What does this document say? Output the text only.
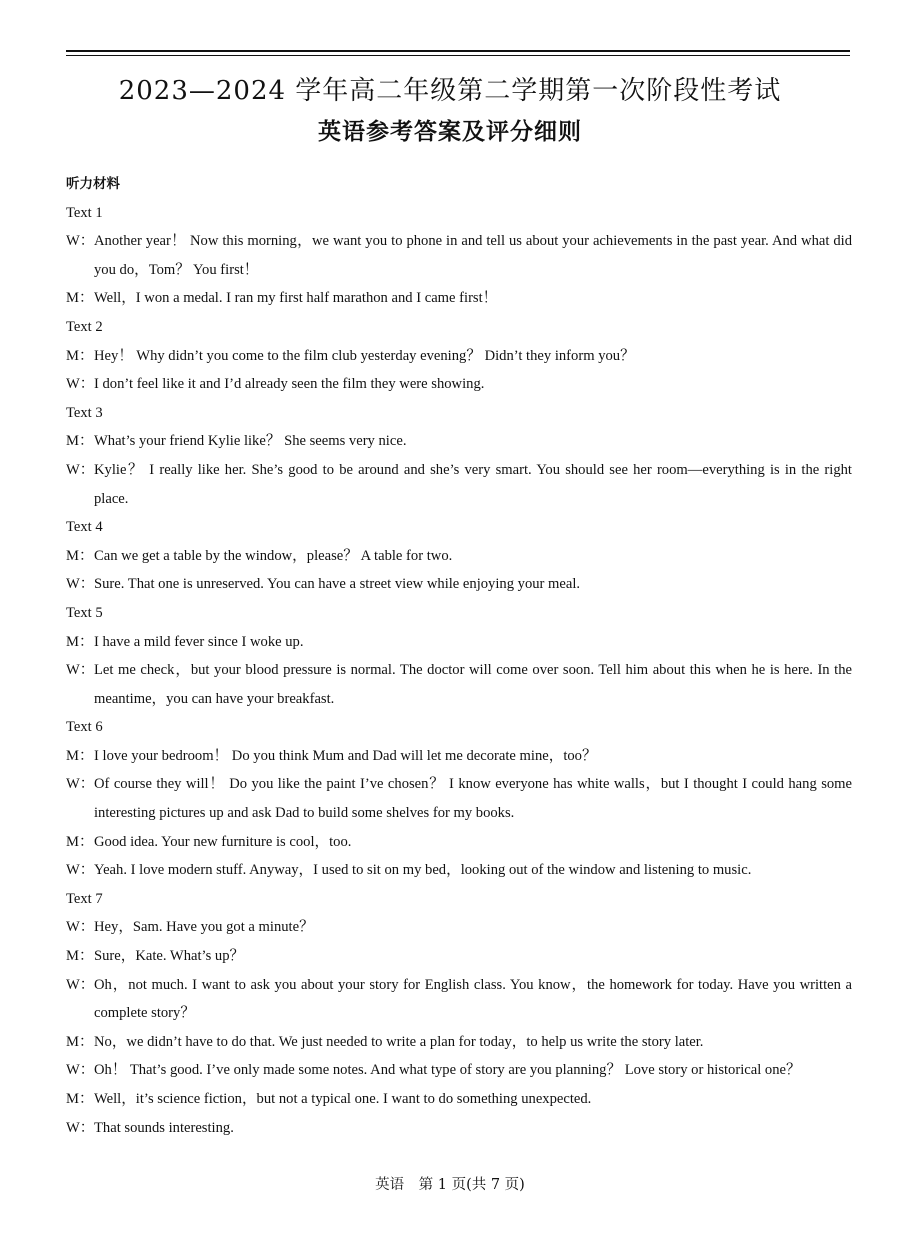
2023—2024 学年高二年级第二学期第一次阶段性考试
英语参考答案及评分细则

听力材料

Text 1

W：Another year！ Now this morning，we want you to phone in and tell us about your achievements in the past year. And what did you do，Tom？ You first！

M：Well，I won a medal. I ran my first half marathon and I came first！

Text 2

M：Hey！ Why didn’t you come to the film club yesterday evening？ Didn’t they inform you？

W：I don’t feel like it and I’d already seen the film they were showing.

Text 3

M：What’s your friend Kylie like？ She seems very nice.

W：Kylie？ I really like her. She’s good to be around and she’s very smart. You should see her room—everything is in the right place.

Text 4

M：Can we get a table by the window，please？ A table for two.

W：Sure. That one is unreserved. You can have a street view while enjoying your meal.

Text 5

M：I have a mild fever since I woke up.

W：Let me check，but your blood pressure is normal. The doctor will come over soon. Tell him about this when he is here. In the meantime，you can have your breakfast.

Text 6

M：I love your bedroom！ Do you think Mum and Dad will let me decorate mine，too？

W：Of course they will！ Do you like the paint I’ve chosen？ I know everyone has white walls，but I thought I could hang some interesting pictures up and ask Dad to build some shelves for my books.

M：Good idea. Your new furniture is cool，too.

W：Yeah. I love modern stuff. Anyway，I used to sit on my bed，looking out of the window and listening to music.

Text 7

W：Hey，Sam. Have you got a minute？

M：Sure，Kate. What’s up？

W：Oh，not much. I want to ask you about your story for English class. You know，the homework for today. Have you written a complete story？

M：No，we didn’t have to do that. We just needed to write a plan for today，to help us write the story later.

W：Oh！ That’s good. I’ve only made some notes. And what type of story are you planning？ Love story or historical one？

M：Well，it’s science fiction，but not a typical one. I want to do something unexpected.

W：That sounds interesting.

英语　第 1 页(共 7 页)
